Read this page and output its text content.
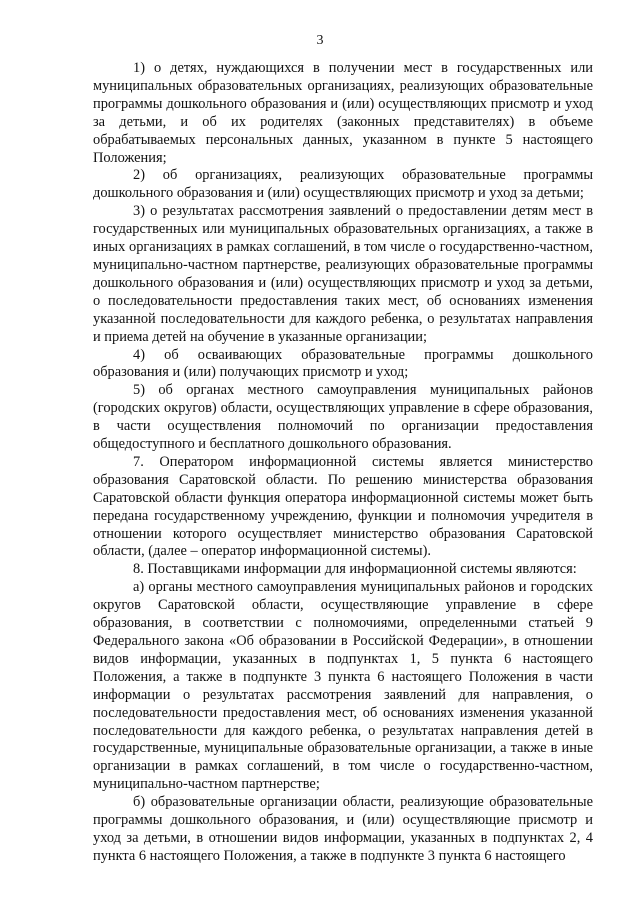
3

1) о детях, нуждающихся в получении мест в государственных или муниципальных образовательных организациях, реализующих образовательные программы дошкольного образования и (или) осуществляющих присмотр и уход за детьми, и об их родителях (законных представителях) в объеме обрабатываемых персональных данных, указанном в пункте 5 настоящего Положения;

2) об организациях, реализующих образовательные программы дошкольного образования и (или) осуществляющих присмотр и уход за детьми;

3) о результатах рассмотрения заявлений о предоставлении детям мест в государственных или муниципальных образовательных организациях, а также в иных организациях в рамках соглашений, в том числе о государственно-частном, муниципально-частном партнерстве, реализующих образовательные программы дошкольного образования и (или) осуществляющих присмотр и уход за детьми, о последовательности предоставления таких мест, об основаниях изменения указанной последовательности для каждого ребенка, о результатах направления и приема детей на обучение в указанные организации;

4) об осваивающих образовательные программы дошкольного образования и (или) получающих присмотр и уход;

5) об органах местного самоуправления муниципальных районов (городских округов) области, осуществляющих управление в сфере образования, в части осуществления полномочий по организации предоставления общедоступного и бесплатного дошкольного образования.

7. Оператором информационной системы является министерство образования Саратовской области. По решению министерства образования Саратовской области функция оператора информационной системы может быть передана государственному учреждению, функции и полномочия учредителя в отношении которого осуществляет министерство образования Саратовской области, (далее – оператор информационной системы).

8. Поставщиками информации для информационной системы являются:

а) органы местного самоуправления муниципальных районов и городских округов Саратовской области, осуществляющие управление в сфере образования, в соответствии с полномочиями, определенными статьей 9 Федерального закона «Об образовании в Российской Федерации», в отношении видов информации, указанных в подпунктах 1, 5 пункта 6 настоящего Положения, а также в подпункте 3 пункта 6 настоящего Положения в части информации о результатах рассмотрения заявлений для направления, о последовательности предоставления мест, об основаниях изменения указанной последовательности для каждого ребенка, о результатах направления детей в государственные, муниципальные образовательные организации, а также в иные организации в рамках соглашений, в том числе о государственно-частном, муниципально-частном партнерстве;

б) образовательные организации области, реализующие образовательные программы дошкольного образования, и (или) осуществляющие присмотр и уход за детьми, в отношении видов информации, указанных в подпунктах 2, 4 пункта 6 настоящего Положения, а также в подпункте 3 пункта 6 настоящего
